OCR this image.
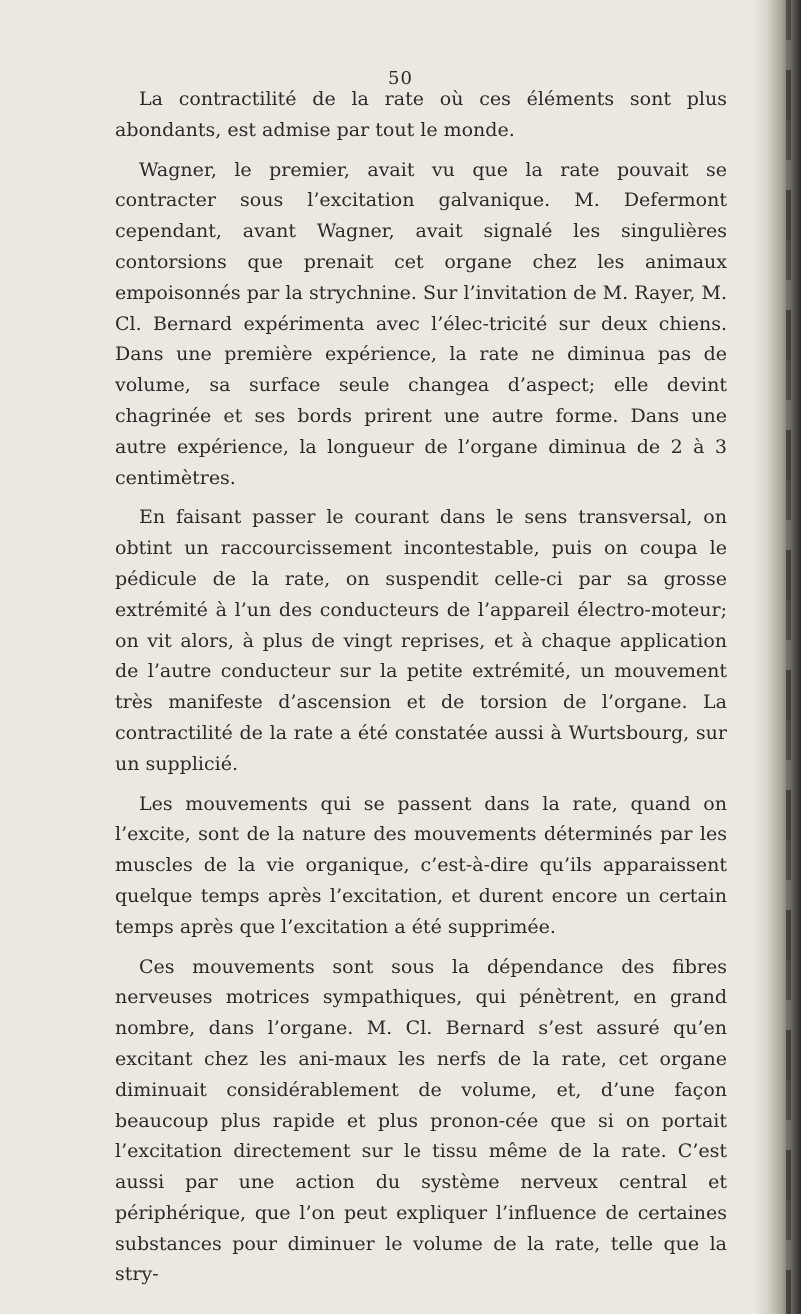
50

La contractilité de la rate où ces éléments sont plus abondants, est admise par tout le monde.

Wagner, le premier, avait vu que la rate pouvait se contracter sous l’excitation galvanique. M. Defermont cependant, avant Wagner, avait signalé les singulières contorsions que prenait cet organe chez les animaux empoisonnés par la strychnine. Sur l’invitation de M. Rayer, M. Cl. Bernard expérimenta avec l’élec-tricité sur deux chiens. Dans une première expérience, la rate ne diminua pas de volume, sa surface seule changea d’aspect; elle devint chagrinée et ses bords prirent une autre forme. Dans une autre expérience, la longueur de l’organe diminua de 2 à 3 centimètres.

En faisant passer le courant dans le sens transversal, on obtint un raccourcissement incontestable, puis on coupa le pédicule de la rate, on suspendit celle-ci par sa grosse extrémité à l’un des conducteurs de l’appareil électro-moteur; on vit alors, à plus de vingt reprises, et à chaque application de l’autre conducteur sur la petite extrémité, un mouvement très manifeste d’ascension et de torsion de l’organe. La contractilité de la rate a été constatée aussi à Wurtsbourg, sur un supplicié.

Les mouvements qui se passent dans la rate, quand on l’excite, sont de la nature des mouvements déterminés par les muscles de la vie organique, c’est-à-dire qu’ils apparaissent quelque temps après l’excitation, et durent encore un certain temps après que l’excitation a été supprimée.

Ces mouvements sont sous la dépendance des fibres nerveuses motrices sympathiques, qui pénètrent, en grand nombre, dans l’organe. M. Cl. Bernard s’est assuré qu’en excitant chez les ani-maux les nerfs de la rate, cet organe diminuait considérablement de volume, et, d’une façon beaucoup plus rapide et plus pronon-cée que si on portait l’excitation directement sur le tissu même de la rate. C’est aussi par une action du système nerveux central et périphérique, que l’on peut expliquer l’influence de certaines substances pour diminuer le volume de la rate, telle que la stry-
